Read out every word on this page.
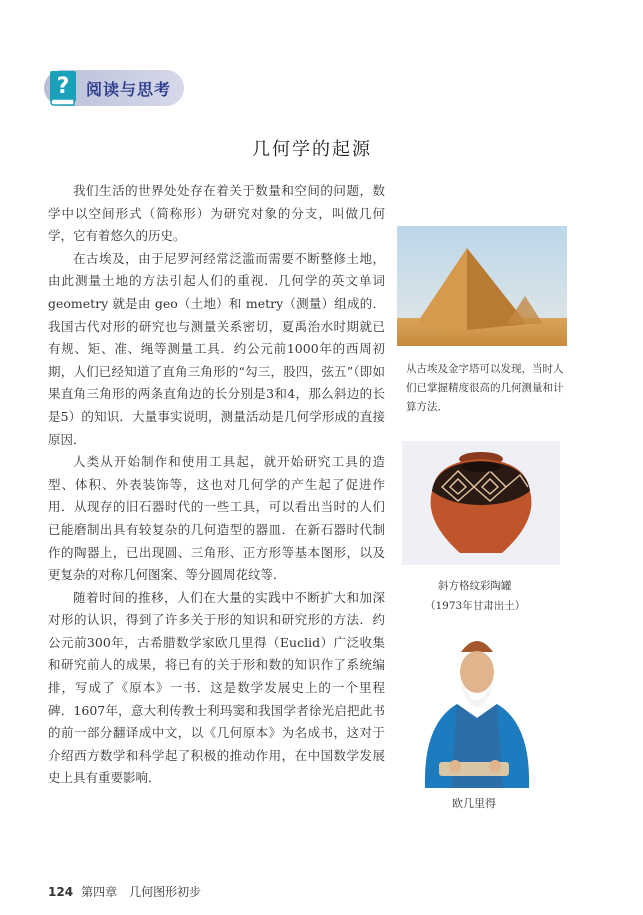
? 阅读与思考
几何学的起源

我们生活的世界处处存在着关于数量和空间的问题，数学中以空间形式（简称形）为研究对象的分支，叫做几何学，它有着悠久的历史。

在古埃及，由于尼罗河经常泛滥而需要不断整修土地，由此测量土地的方法引起人们的重视．几何学的英文单词 geometry 就是由 geo（土地）和 metry（测量）组成的．我国古代对形的研究也与测量关系密切，夏禹治水时期就已有规、矩、准、绳等测量工具．约公元前1000年的西周初期，人们已经知道了直角三角形的“勾三，股四，弦五”（即如果直角三角形的两条直角边的长分别是3和4，那么斜边的长是5）的知识．大量事实说明，测量活动是几何学形成的直接原因．

人类从开始制作和使用工具起，就开始研究工具的造型、体积、外表装饰等，这也对几何学的产生起了促进作用．从现存的旧石器时代的一些工具，可以看出当时的人们已能磨制出具有较复杂的几何造型的器皿．在新石器时代制作的陶器上，已出现圆、三角形、正方形等基本图形，以及更复杂的对称几何图案、等分圆周花纹等．

随着时间的推移，人们在大量的实践中不断扩大和加深对形的认识，得到了许多关于形的知识和研究形的方法．约公元前300年，古希腊数学家欧几里得（Euclid）广泛收集和研究前人的成果，将已有的关于形和数的知识作了系统编排，写成了《原本》一书．这是数学发展史上的一个里程碑．1607年，意大利传教士利玛窦和我国学者徐光启把此书的前一部分翻译成中文，以《几何原本》为名成书，这对于介绍西方数学和科学起了积极的推动作用，在中国数学发展史上具有重要影响．

从古埃及金字塔可以发现，当时人们已掌握精度很高的几何测量和计算方法．
斜方格纹彩陶罐
（1973年甘肃出土）
欧几里得
124 第四章　几何图形初步
